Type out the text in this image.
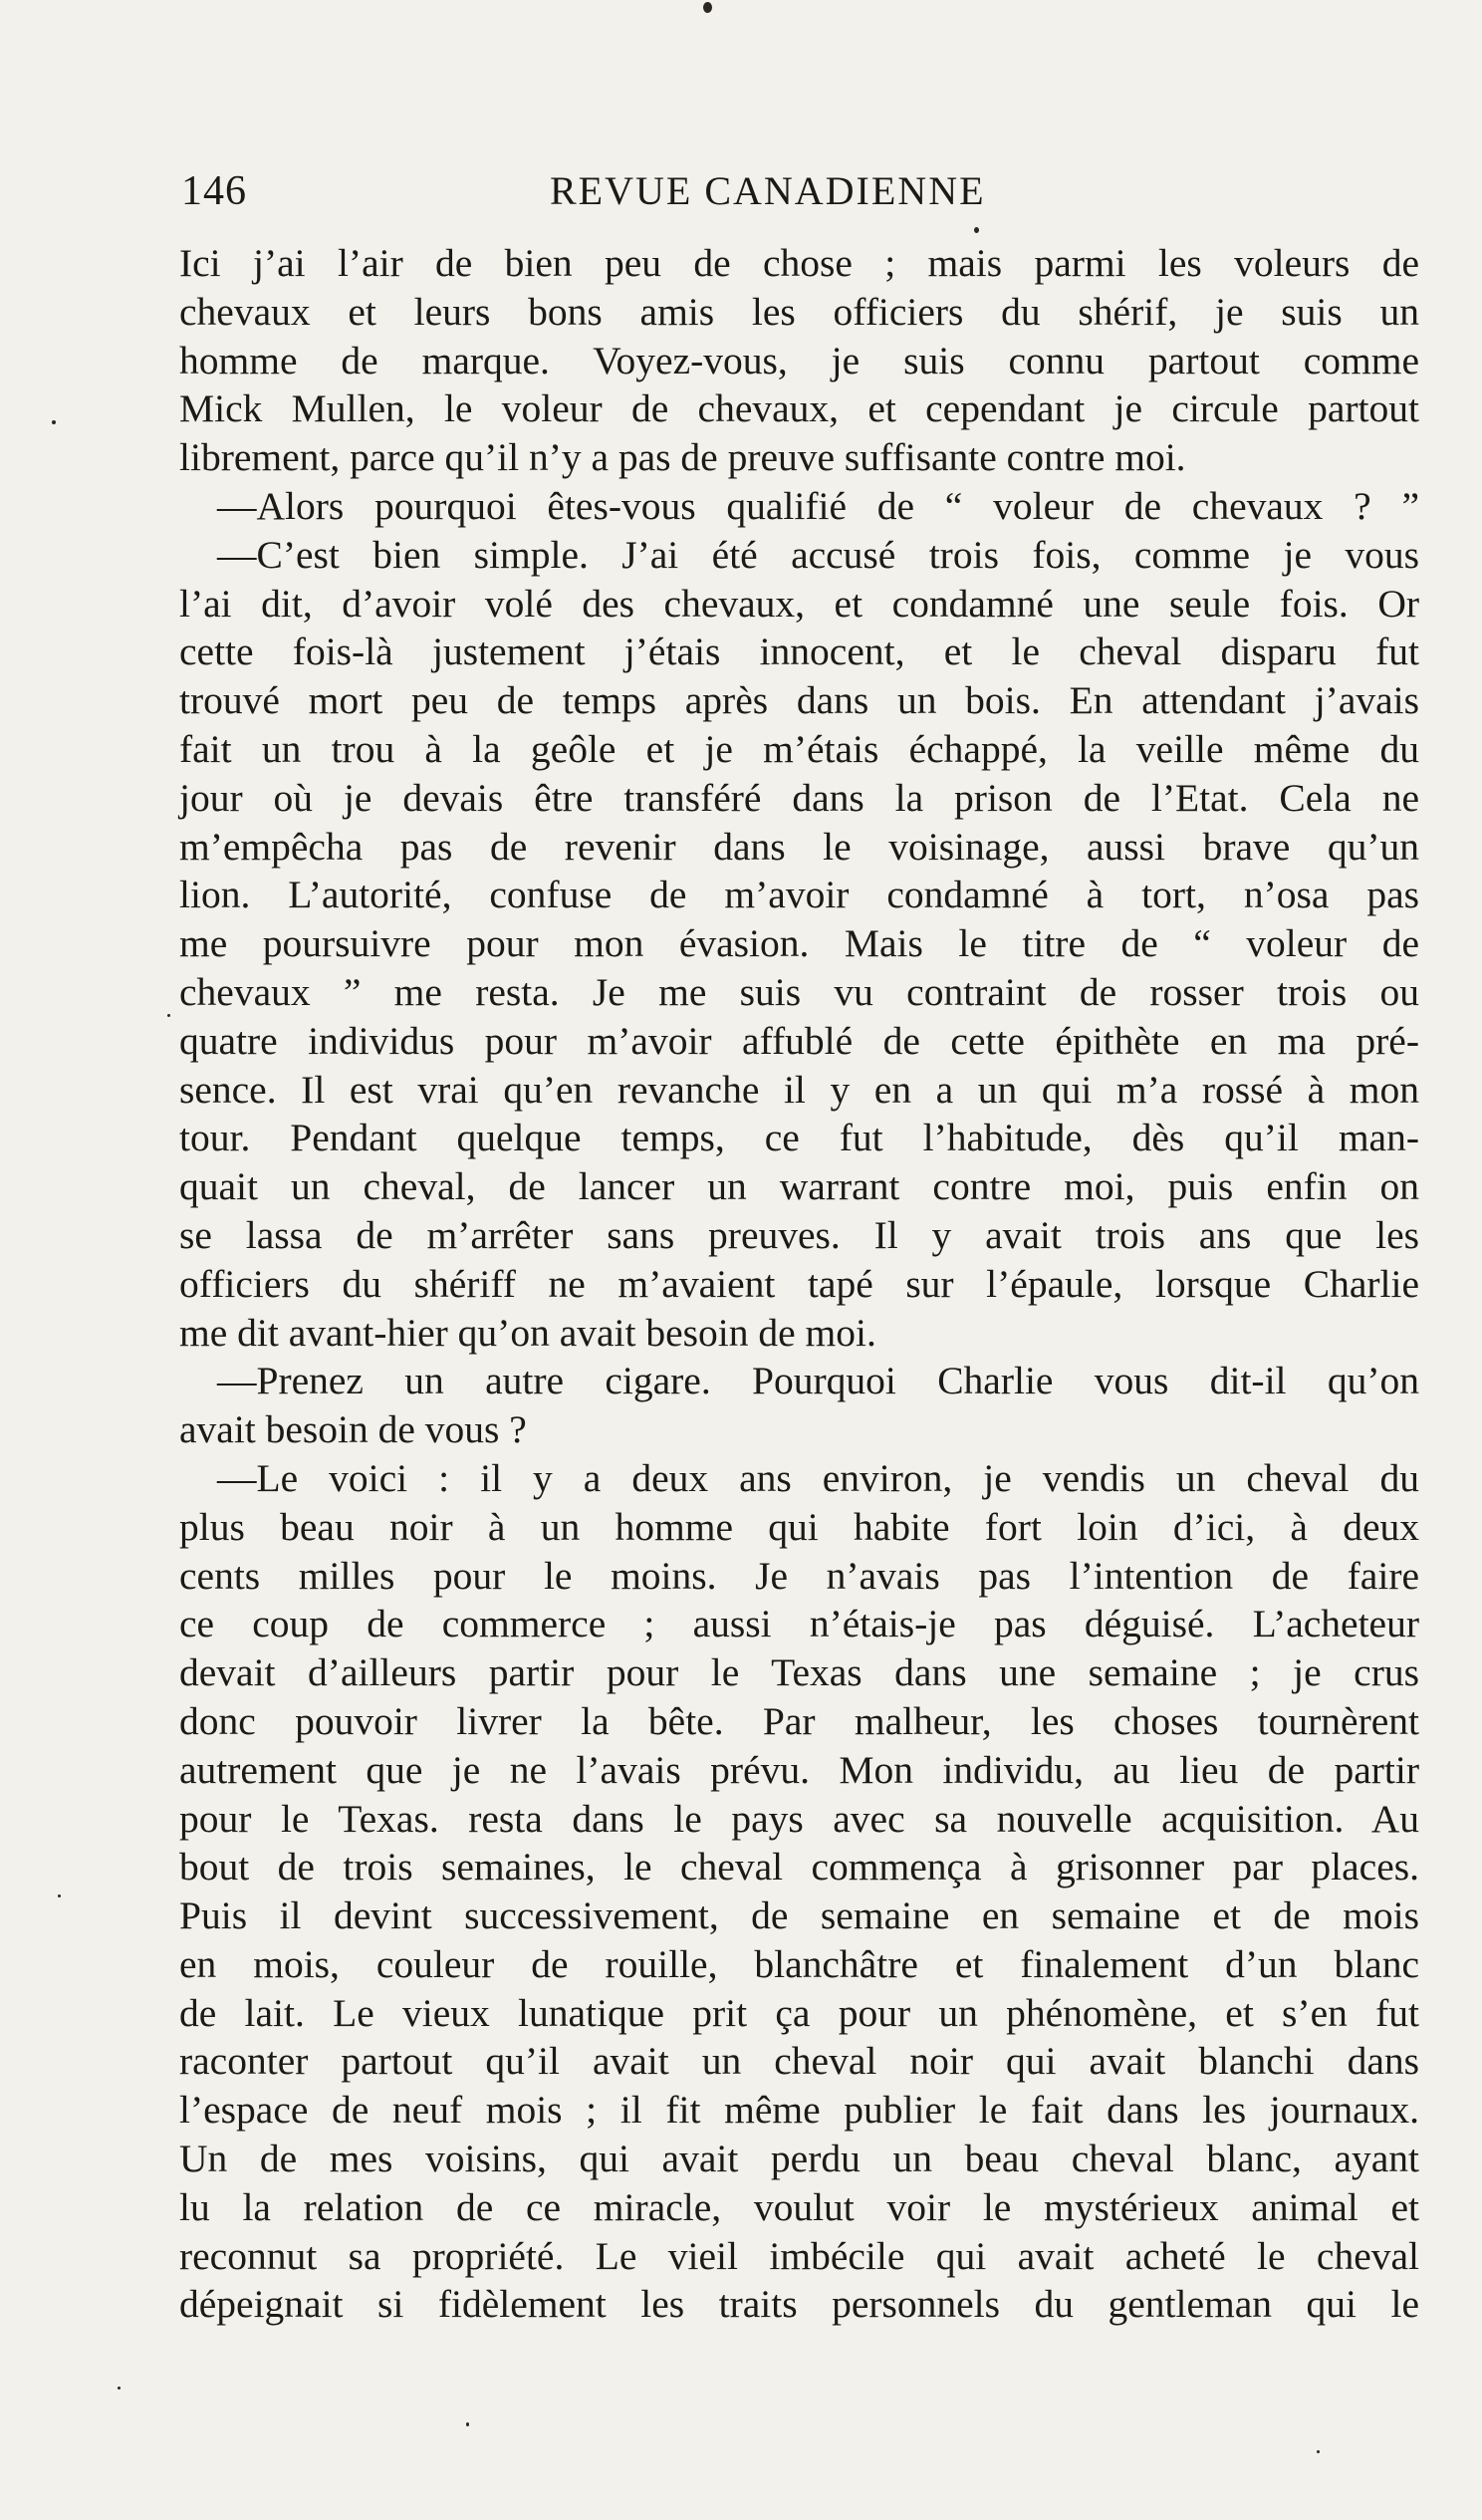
146	REVUE CANADIENNE
Ici j’ai l’air de bien peu de chose ; mais parmi les voleurs de
chevaux et leurs bons amis les officiers du shérif, je suis un
homme de marque. Voyez-vous, je suis connu partout comme
Mick Mullen, le voleur de chevaux, et cependant je circule partout
librement, parce qu’il n’y a pas de preuve suffisante contre moi.
—Alors pourquoi êtes-vous qualifié de “ voleur de chevaux ? ”
—C’est bien simple. J’ai été accusé trois fois, comme je vous
l’ai dit, d’avoir volé des chevaux, et condamné une seule fois. Or
cette fois-là justement j’étais innocent, et le cheval disparu fut
trouvé mort peu de temps après dans un bois. En attendant j’avais
fait un trou à la geôle et je m’étais échappé, la veille même du
jour où je devais être transféré dans la prison de l’Etat. Cela ne
m’empêcha pas de revenir dans le voisinage, aussi brave qu’un
lion. L’autorité, confuse de m’avoir condamné à tort, n’osa pas
me poursuivre pour mon évasion. Mais le titre de “ voleur de
chevaux ” me resta. Je me suis vu contraint de rosser trois ou
quatre individus pour m’avoir affublé de cette épithète en ma pré-
sence. Il est vrai qu’en revanche il y en a un qui m’a rossé à mon
tour. Pendant quelque temps, ce fut l’habitude, dès qu’il man-
quait un cheval, de lancer un warrant contre moi, puis enfin on
se lassa de m’arrêter sans preuves. Il y avait trois ans que les
officiers du shériff ne m’avaient tapé sur l’épaule, lorsque Charlie
me dit avant-hier qu’on avait besoin de moi.
—Prenez un autre cigare. Pourquoi Charlie vous dit-il qu’on
avait besoin de vous ?
—Le voici : il y a deux ans environ, je vendis un cheval du
plus beau noir à un homme qui habite fort loin d’ici, à deux
cents milles pour le moins. Je n’avais pas l’intention de faire
ce coup de commerce ; aussi n’étais-je pas déguisé. L’acheteur
devait d’ailleurs partir pour le Texas dans une semaine ; je crus
donc pouvoir livrer la bête. Par malheur, les choses tournèrent
autrement que je ne l’avais prévu. Mon individu, au lieu de partir
pour le Texas. resta dans le pays avec sa nouvelle acquisition. Au
bout de trois semaines, le cheval commença à grisonner par places.
Puis il devint successivement, de semaine en semaine et de mois
en mois, couleur de rouille, blanchâtre et finalement d’un blanc
de lait. Le vieux lunatique prit ça pour un phénomène, et s’en fut
raconter partout qu’il avait un cheval noir qui avait blanchi dans
l’espace de neuf mois ; il fit même publier le fait dans les journaux.
Un de mes voisins, qui avait perdu un beau cheval blanc, ayant
lu la relation de ce miracle, voulut voir le mystérieux animal et
reconnut sa propriété. Le vieil imbécile qui avait acheté le cheval
dépeignait si fidèlement les traits personnels du gentleman qui le
